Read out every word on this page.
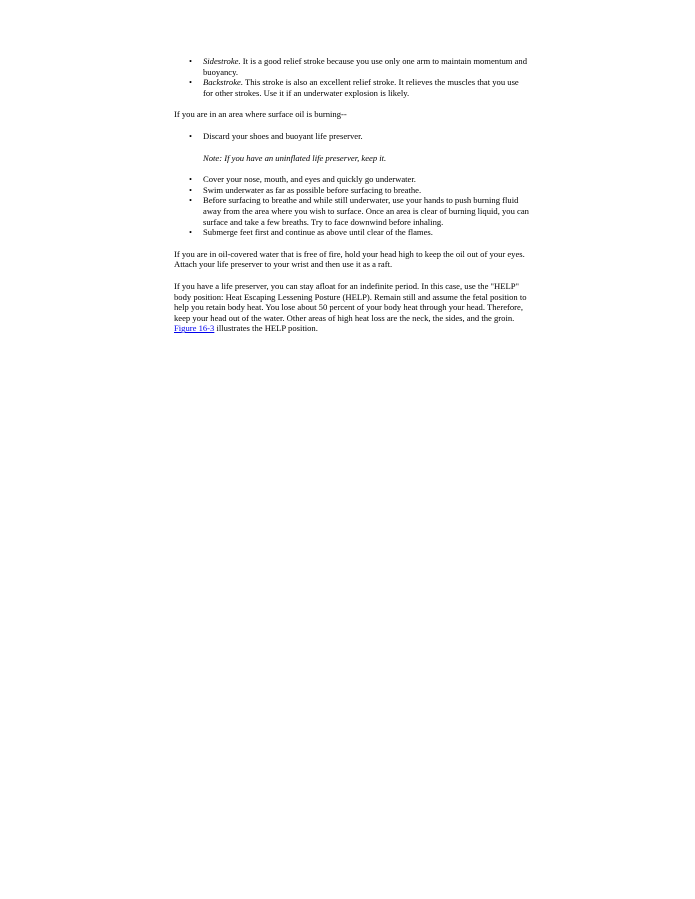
• Sidestroke. It is a good relief stroke because you use only one arm to maintain momentum and buoyancy.
• Backstroke. This stroke is also an excellent relief stroke. It relieves the muscles that you use for other strokes. Use it if an underwater explosion is likely.

If you are in an area where surface oil is burning--

• Discard your shoes and buoyant life preserver.

Note: If you have an uninflated life preserver, keep it.

• Cover your nose, mouth, and eyes and quickly go underwater.
• Swim underwater as far as possible before surfacing to breathe.
• Before surfacing to breathe and while still underwater, use your hands to push burning fluid away from the area where you wish to surface. Once an area is clear of burning liquid, you can surface and take a few breaths. Try to face downwind before inhaling.
• Submerge feet first and continue as above until clear of the flames.

If you are in oil-covered water that is free of fire, hold your head high to keep the oil out of your eyes. Attach your life preserver to your wrist and then use it as a raft.

If you have a life preserver, you can stay afloat for an indefinite period. In this case, use the "HELP" body position: Heat Escaping Lessening Posture (HELP). Remain still and assume the fetal position to help you retain body heat. You lose about 50 percent of your body heat through your head. Therefore, keep your head out of the water. Other areas of high heat loss are the neck, the sides, and the groin. Figure 16-3 illustrates the HELP position.
